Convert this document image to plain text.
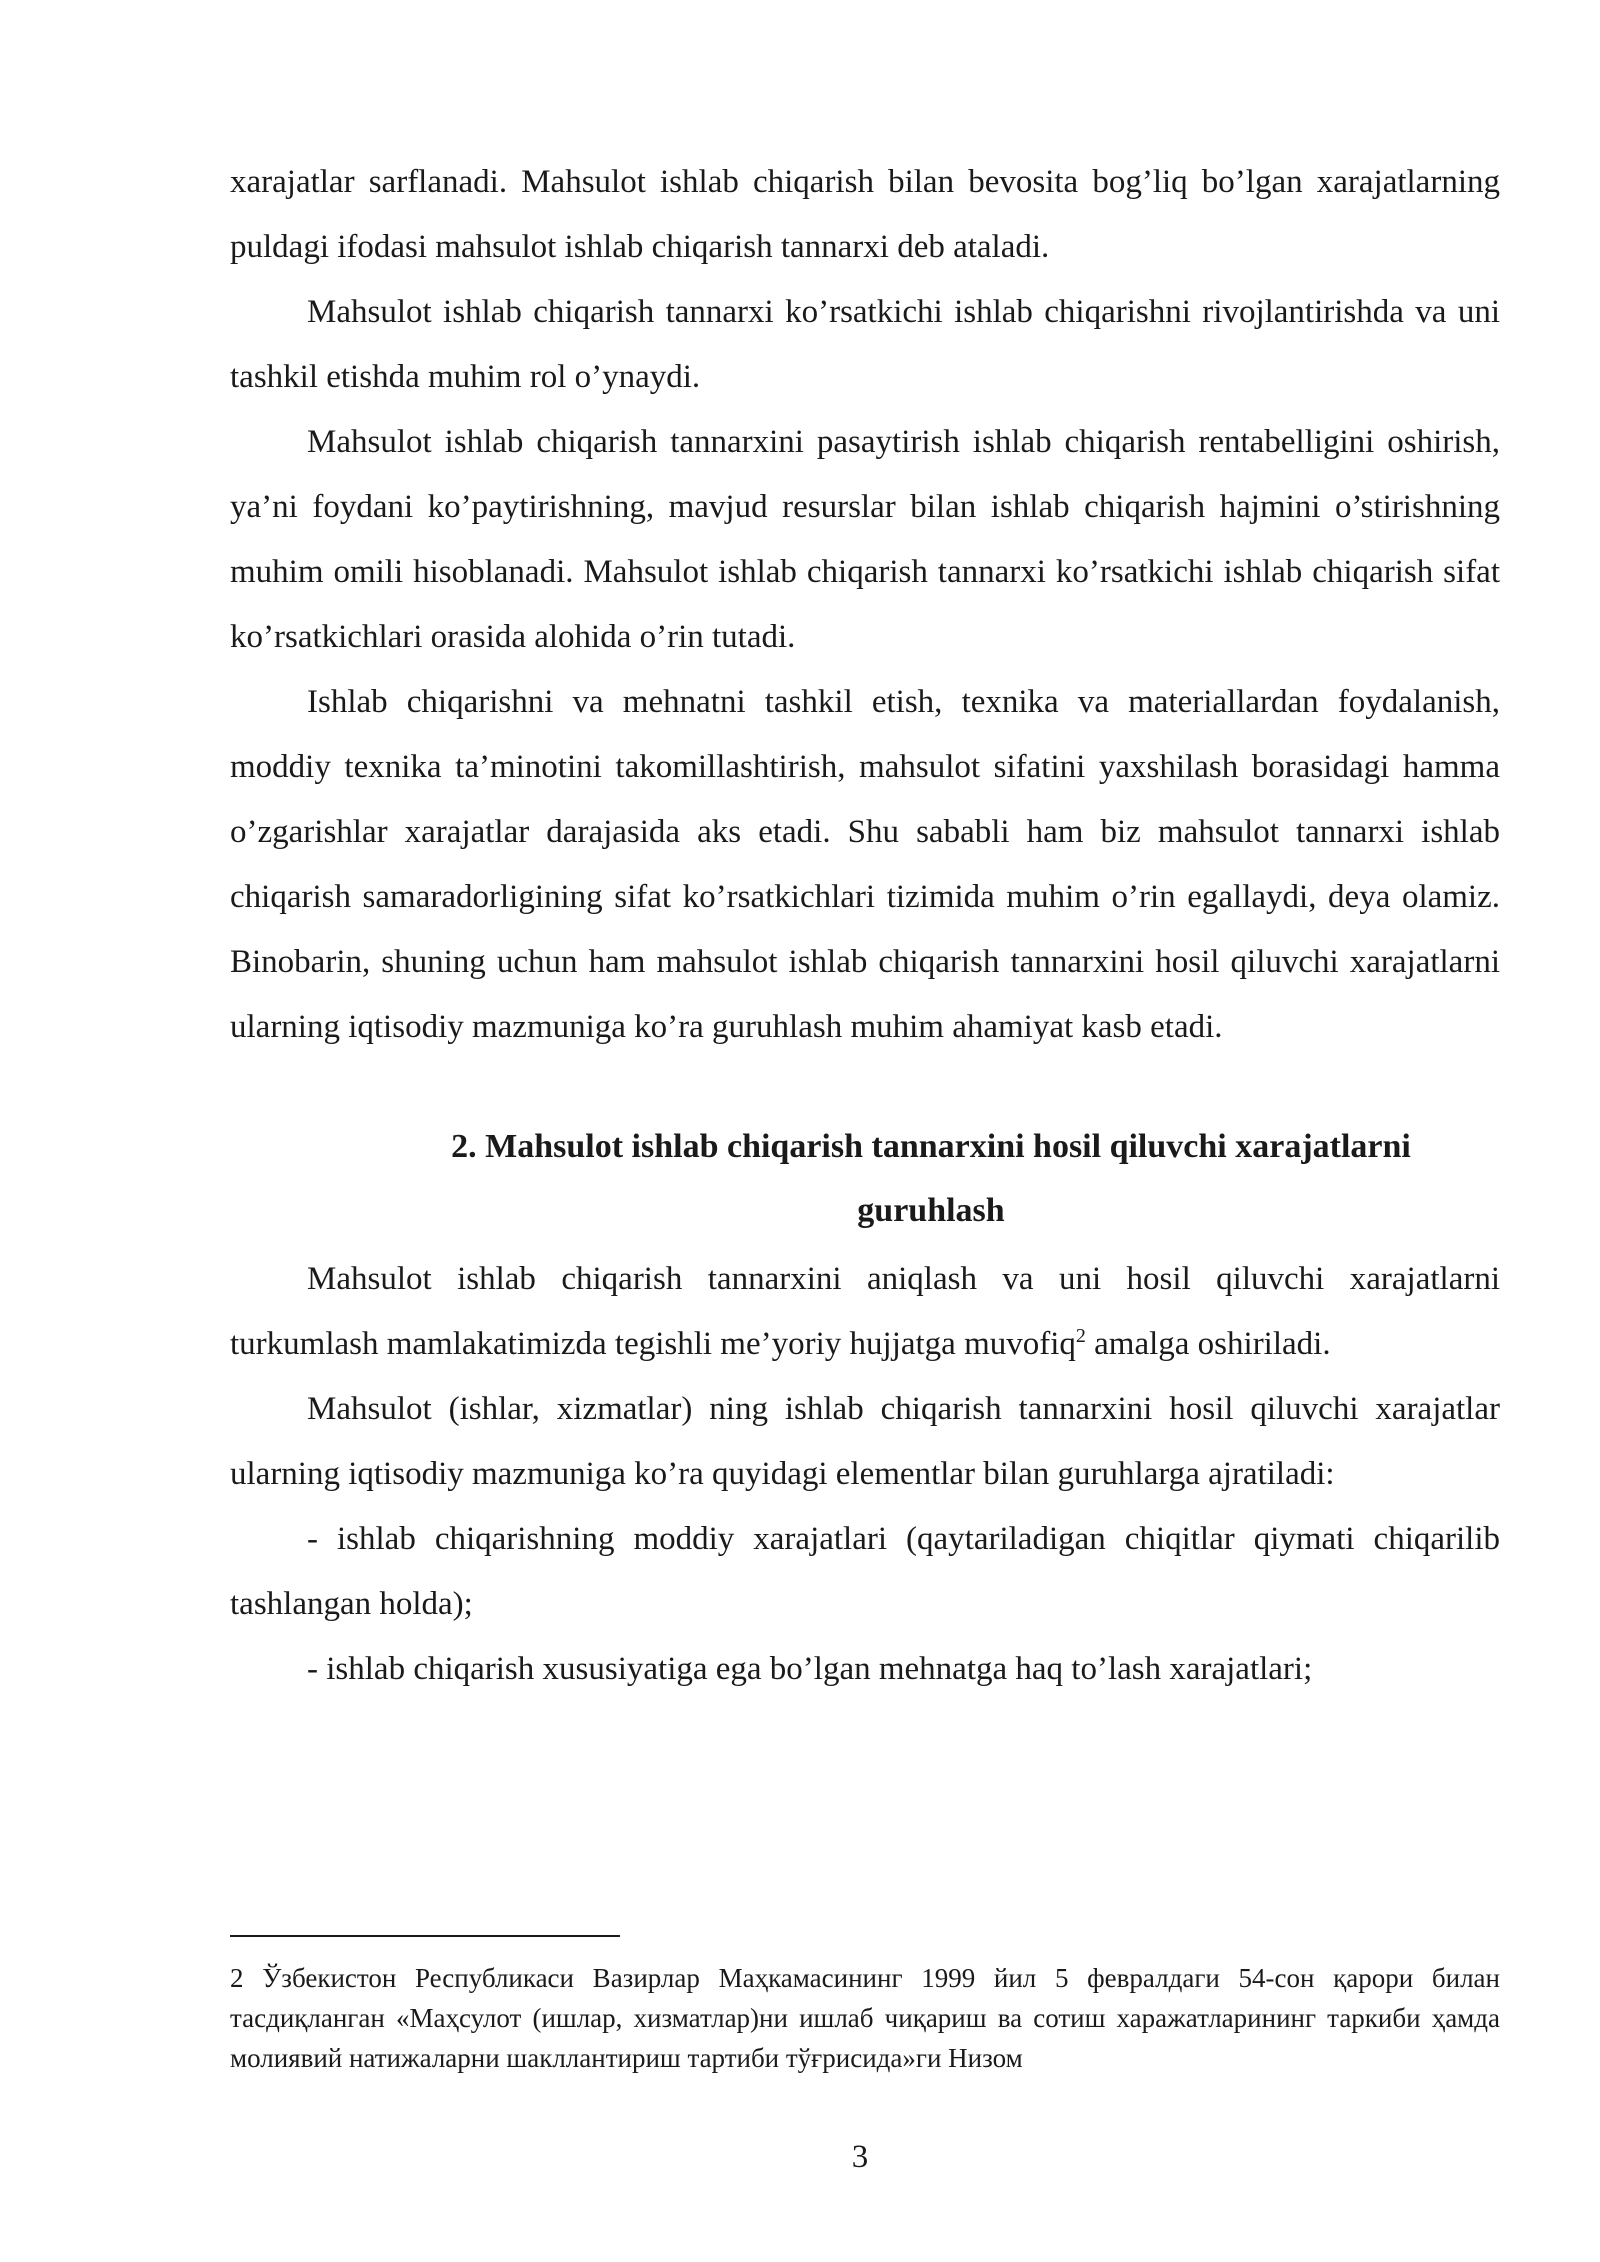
xarajatlar sarflanadi. Mahsulot ishlab chiqarish bilan bevosita bog’liq bo’lgan xarajatlarning puldagi ifodasi mahsulot ishlab chiqarish tannarxi deb ataladi.

Mahsulot ishlab chiqarish tannarxi ko’rsatkichi ishlab chiqarishni rivojlantirishda va uni tashkil etishda muhim rol o’ynaydi.

Mahsulot ishlab chiqarish tannarxini pasaytirish ishlab chiqarish rentabelligini oshirish, ya’ni foydani ko’paytirishning, mavjud resurslar bilan ishlab chiqarish hajmini o’stirishning muhim omili hisoblanadi. Mahsulot ishlab chiqarish tannarxi ko’rsatkichi ishlab chiqarish sifat ko’rsatkichlari orasida alohida o’rin tutadi.

Ishlab chiqarishni va mehnatni tashkil etish, texnika va materiallardan foydalanish, moddiy texnika ta’minotini takomillashtirish, mahsulot sifatini yaxshilash borasidagi hamma o’zgarishlar xarajatlar darajasida aks etadi. Shu sababli ham biz mahsulot tannarxi ishlab chiqarish samaradorligining sifat ko’rsatkichlari tizimida muhim o’rin egallaydi, deya olamiz. Binobarin, shuning uchun ham mahsulot ishlab chiqarish tannarxini hosil qiluvchi xarajatlarni ularning iqtisodiy mazmuniga ko’ra guruhlash muhim ahamiyat kasb etadi.

2. Mahsulot ishlab chiqarish tannarxini hosil qiluvchi xarajatlarni
guruhlash

Mahsulot ishlab chiqarish tannarxini aniqlash va uni hosil qiluvchi xarajatlarni turkumlash mamlakatimizda tegishli me’yoriy hujjatga muvofiq$^2$ amalga oshiriladi.

Mahsulot (ishlar, xizmatlar) ning ishlab chiqarish tannarxini hosil qiluvchi xarajatlar ularning iqtisodiy mazmuniga ko’ra quyidagi elementlar bilan guruhlarga ajratiladi:

- ishlab chiqarishning moddiy xarajatlari (qaytariladigan chiqitlar qiymati chiqarilib tashlangan holda);

- ishlab chiqarish xususiyatiga ega bo’lgan mehnatga haq to’lash xarajatlari;

2 Ўзбекистон Республикаси Вазирлар Маҳкамасининг 1999 йил 5 февралдаги 54-сон қарори билан тасдиқланган «Маҳсулот (ишлар, хизматлар)ни ишлаб чиқариш ва сотиш харажатларининг таркиби ҳамда молиявий натижаларни шакллантириш тартиби тўғрисида»ги Низом
3
